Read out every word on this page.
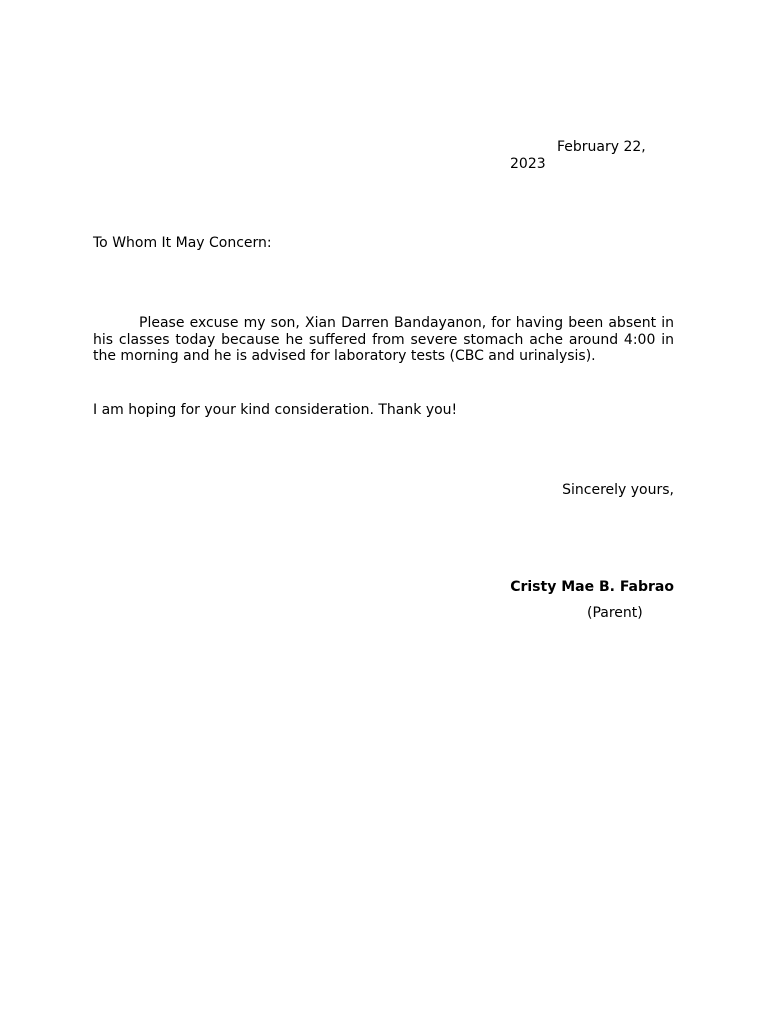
February 22,
2023
To Whom It May Concern:

Please excuse my son, Xian Darren Bandayanon, for having been absent in his classes today because he suffered from severe stomach ache around 4:00 in the morning and he is advised for laboratory tests (CBC and urinalysis).

I am hoping for your kind consideration. Thank you!
Sincerely yours,
Cristy Mae B. Fabrao
(Parent)
